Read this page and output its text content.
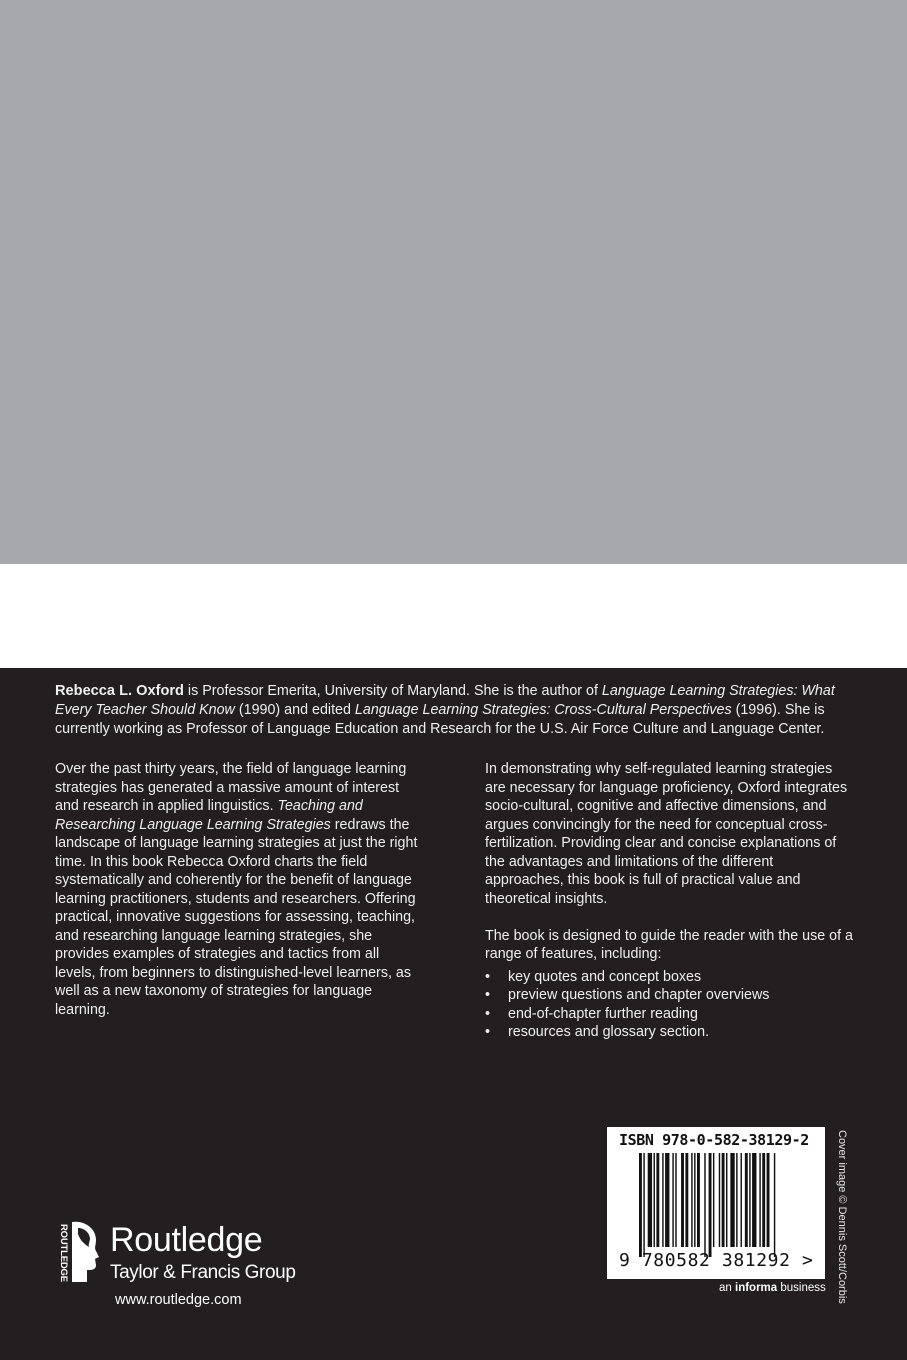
Rebecca L. Oxford is Professor Emerita, University of Maryland. She is the author of Language Learning Strategies: What Every Teacher Should Know (1990) and edited Language Learning Strategies: Cross-Cultural Perspectives (1996). She is currently working as Professor of Language Education and Research for the U.S. Air Force Culture and Language Center.

Over the past thirty years, the field of language learning strategies has generated a massive amount of interest and research in applied linguistics. Teaching and Researching Language Learning Strategies redraws the landscape of language learning strategies at just the right time. In this book Rebecca Oxford charts the field systematically and coherently for the benefit of language learning practitioners, students and researchers. Offering practical, innovative suggestions for assessing, teaching, and researching language learning strategies, she provides examples of strategies and tactics from all levels, from beginners to distinguished-level learners, as well as a new taxonomy of strategies for language learning.

In demonstrating why self-regulated learning strategies are necessary for language proficiency, Oxford integrates socio-cultural, cognitive and affective dimensions, and argues convincingly for the need for conceptual cross-fertilization. Providing clear and concise explanations of the advantages and limitations of the different approaches, this book is full of practical value and theoretical insights.

The book is designed to guide the reader with the use of a range of features, including:

• key quotes and concept boxes
• preview questions and chapter overviews
• end-of-chapter further reading
• resources and glossary section.
ROUTLEDGE Routledge
Taylor & Francis Group
www.routledge.com
ISBN 978-0-582-38129-2
9 780582 381292 >
an informa business Cover image © Dennis Scott/Corbis
